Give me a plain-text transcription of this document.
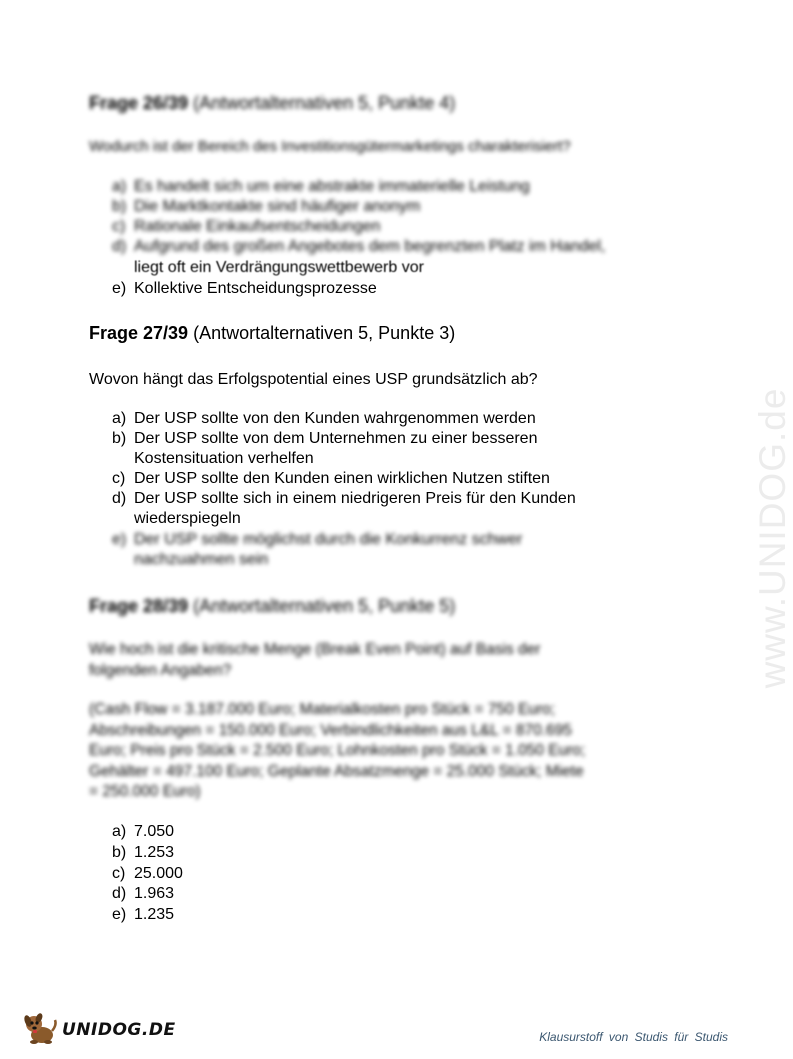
www.UNIDOG.de
Frage 26/39 (Antwortalternativen 5, Punkte 4)
Wodurch ist der Bereich des Investitionsgütermarketings charakterisiert?
a) Es handelt sich um eine abstrakte immaterielle Leistung
b) Die Marktkontakte sind häufiger anonym
c) Rationale Einkaufsentscheidungen
d) Aufgrund des großen Angebotes dem begrenzten Platz im Handel,
liegt oft ein Verdrängungswettbewerb vor
e) Kollektive Entscheidungsprozesse
Frage 27/39 (Antwortalternativen 5, Punkte 3)
Wovon hängt das Erfolgspotential eines USP grundsätzlich ab?
a) Der USP sollte von den Kunden wahrgenommen werden
b) Der USP sollte von dem Unternehmen zu einer besseren
Kostensituation verhelfen
c) Der USP sollte den Kunden einen wirklichen Nutzen stiften
d) Der USP sollte sich in einem niedrigeren Preis für den Kunden
wiederspiegeln
e) Der USP sollte möglichst durch die Konkurrenz schwer
nachzuahmen sein
Frage 28/39 (Antwortalternativen 5, Punkte 5)
Wie hoch ist die kritische Menge (Break Even Point) auf Basis der
folgenden Angaben?
(Cash Flow = 3.187.000 Euro; Materialkosten pro Stück = 750 Euro;
Abschreibungen = 150.000 Euro; Verbindlichkeiten aus L&L = 870.695
Euro; Preis pro Stück = 2.500 Euro; Lohnkosten pro Stück = 1.050 Euro;
Gehälter = 497.100 Euro; Geplante Absatzmenge = 25.000 Stück; Miete
= 250.000 Euro)
a) 7.050
b) 1.253
c) 25.000
d) 1.963
e) 1.235
UNIDOG.DE	Klausurstoff von Studis für Studis
